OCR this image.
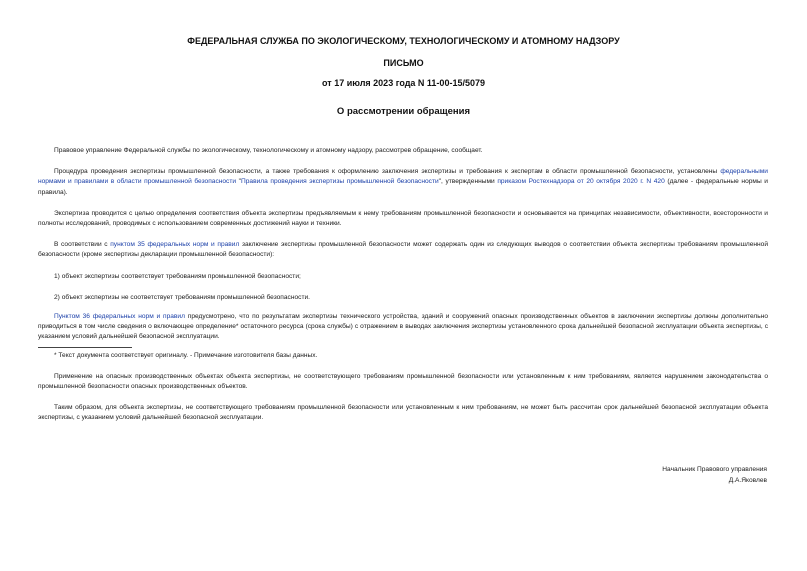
ФЕДЕРАЛЬНАЯ СЛУЖБА ПО ЭКОЛОГИЧЕСКОМУ, ТЕХНОЛОГИЧЕСКОМУ И АТОМНОМУ НАДЗОРУ
ПИСЬМО
от 17 июля 2023 года N 11-00-15/5079
О рассмотрении обращения

Правовое управление Федеральной службы по экологическому, технологическому и атомному надзору, рассмотрев обращение, сообщает.

Процедура проведения экспертизы промышленной безопасности, а также требования к оформлению заключения экспертизы и требования к экспертам в области промышленной безопасности, установлены федеральными нормами и правилами в области промышленной безопасности "Правила проведения экспертизы промышленной безопасности", утвержденными приказом Ростехнадзора от 20 октября 2020 г. N 420 (далее - федеральные нормы и правила).

Экспертиза проводится с целью определения соответствия объекта экспертизы предъявляемым к нему требованиям промышленной безопасности и основывается на принципах независимости, объективности, всесторонности и полноты исследований, проводимых с использованием современных достижений науки и техники.

В соответствии с пунктом 35 федеральных норм и правил заключение экспертизы промышленной безопасности может содержать один из следующих выводов о соответствии объекта экспертизы требованиям промышленной безопасности (кроме экспертизы декларации промышленной безопасности):

1) объект экспертизы соответствует требованиям промышленной безопасности;

2) объект экспертизы не соответствует требованиям промышленной безопасности.

Пунктом 36 федеральных норм и правил предусмотрено, что по результатам экспертизы технического устройства, зданий и сооружений опасных производственных объектов в заключении экспертизы должны дополнительно приводиться в том числе сведения о включающее определение* остаточного ресурса (срока службы) с отражением в выводах заключения экспертизы установленного срока дальнейшей безопасной эксплуатации объекта экспертизы, с указанием условий дальнейшей безопасной эксплуатации.

* Текст документа соответствует оригиналу. - Примечание изготовителя базы данных.

Применение на опасных производственных объектах объекта экспертизы, не соответствующего требованиям промышленной безопасности или установленным к ним требованиям, является нарушением законодательства о промышленной безопасности опасных производственных объектов.

Таким образом, для объекта экспертизы, не соответствующего требованиям промышленной безопасности или установленным к ним требованиям, не может быть рассчитан срок дальнейшей безопасной эксплуатации объекта экспертизы, с указанием условий дальнейшей безопасной эксплуатации.

Начальник Правового управления
Д.А.Яковлев
